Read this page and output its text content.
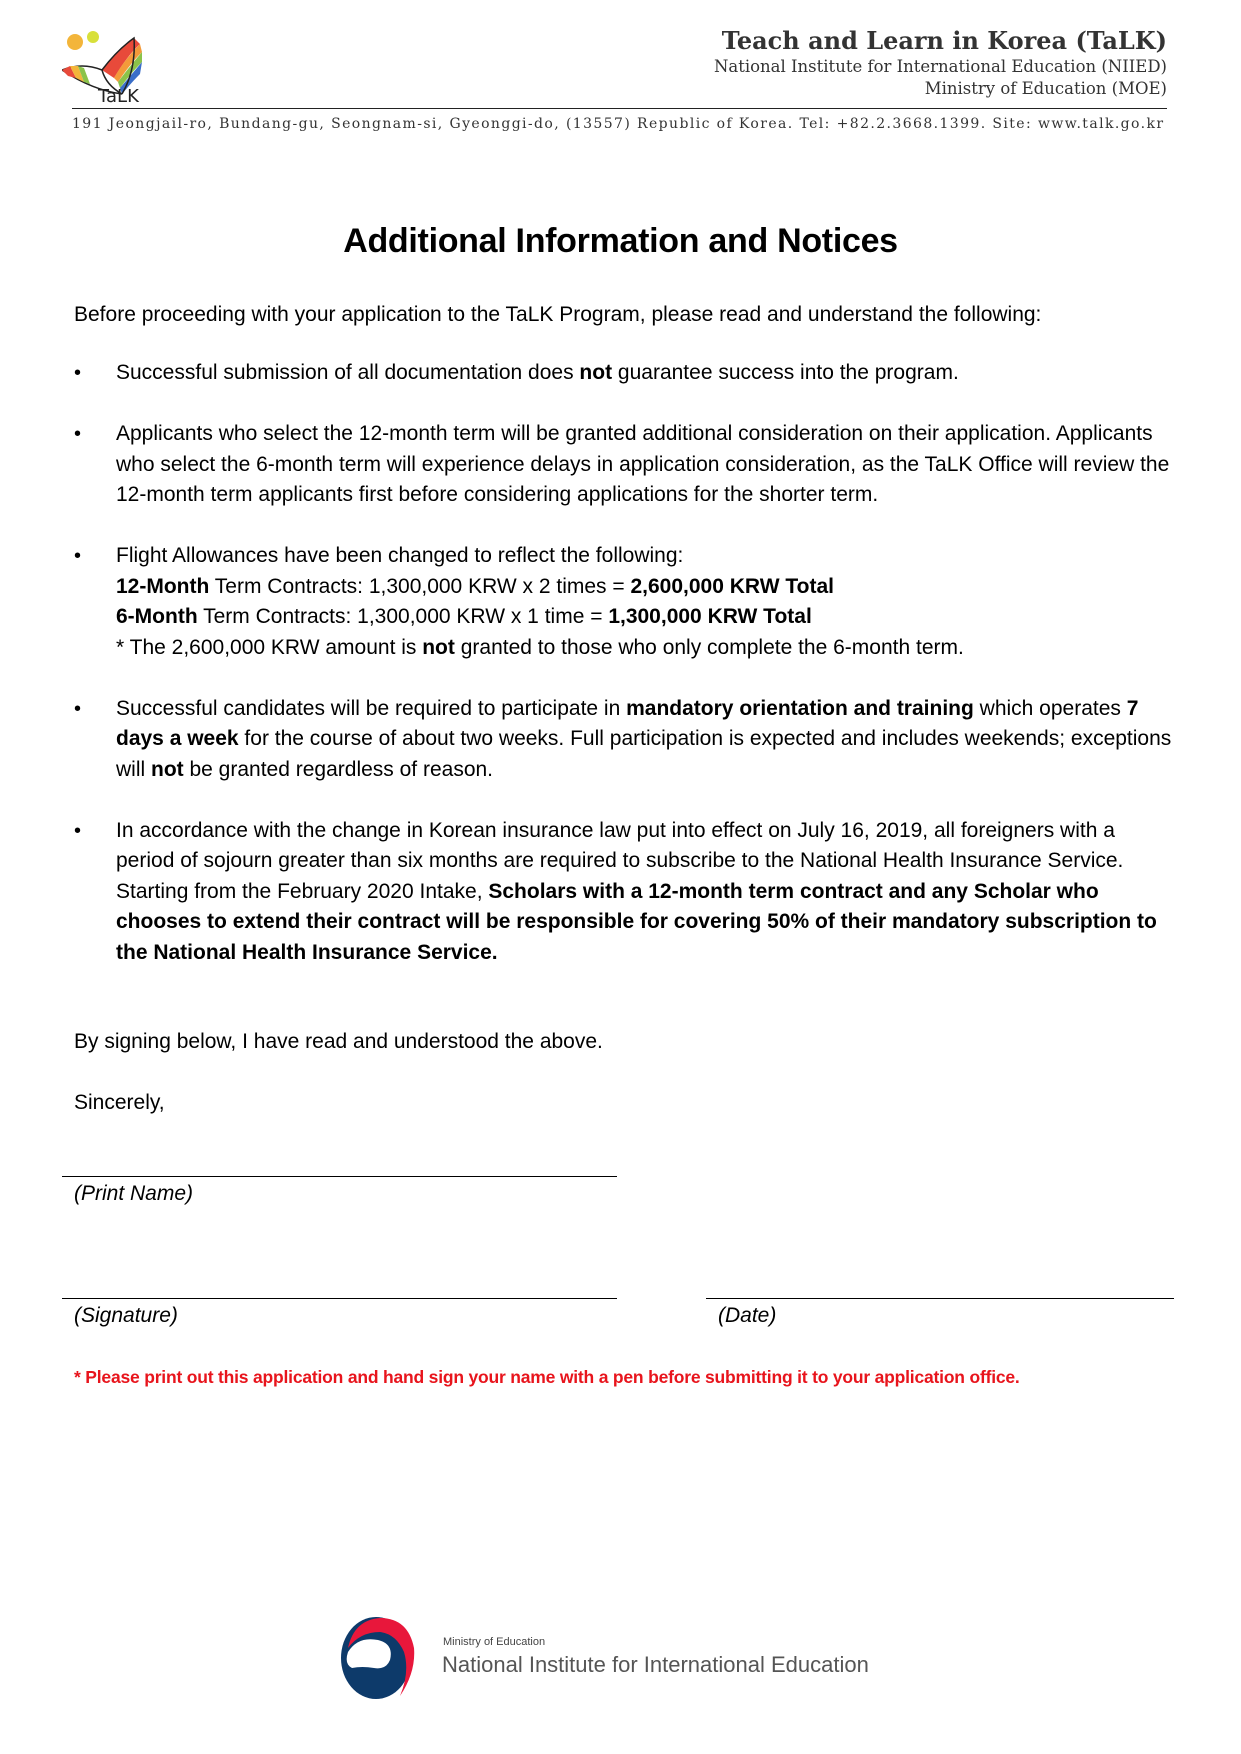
TaLK
Teach and Learn in Korea (TaLK)
National Institute for International Education (NIIED)
Ministry of Education (MOE)
191 Jeongjail-ro, Bundang-gu, Seongnam-si, Gyeonggi-do, (13557) Republic of Korea. Tel: +82.2.3668.1399. Site: www.talk.go.kr
Additional Information and Notices
Before proceeding with your application to the TaLK Program, please read and understand the following:
• Successful submission of all documentation does not guarantee success into the program.
• Applicants who select the 12-month term will be granted additional consideration on their application. Applicants who select the 6-month term will experience delays in application consideration, as the TaLK Office will review the 12-month term applicants first before considering applications for the shorter term.
• Flight Allowances have been changed to reflect the following:
12-Month Term Contracts: 1,300,000 KRW x 2 times = 2,600,000 KRW Total
6-Month Term Contracts: 1,300,000 KRW x 1 time = 1,300,000 KRW Total
* The 2,600,000 KRW amount is not granted to those who only complete the 6-month term.
• Successful candidates will be required to participate in mandatory orientation and training which operates 7 days a week for the course of about two weeks. Full participation is expected and includes weekends; exceptions will not be granted regardless of reason.
• In accordance with the change in Korean insurance law put into effect on July 16, 2019, all foreigners with a period of sojourn greater than six months are required to subscribe to the National Health Insurance Service. Starting from the February 2020 Intake, Scholars with a 12-month term contract and any Scholar who chooses to extend their contract will be responsible for covering 50% of their mandatory subscription to the National Health Insurance Service.
By signing below, I have read and understood the above.
Sincerely,
(Print Name)
(Signature)	(Date)
* Please print out this application and hand sign your name with a pen before submitting it to your application office.
Ministry of Education
National Institute for International Education
